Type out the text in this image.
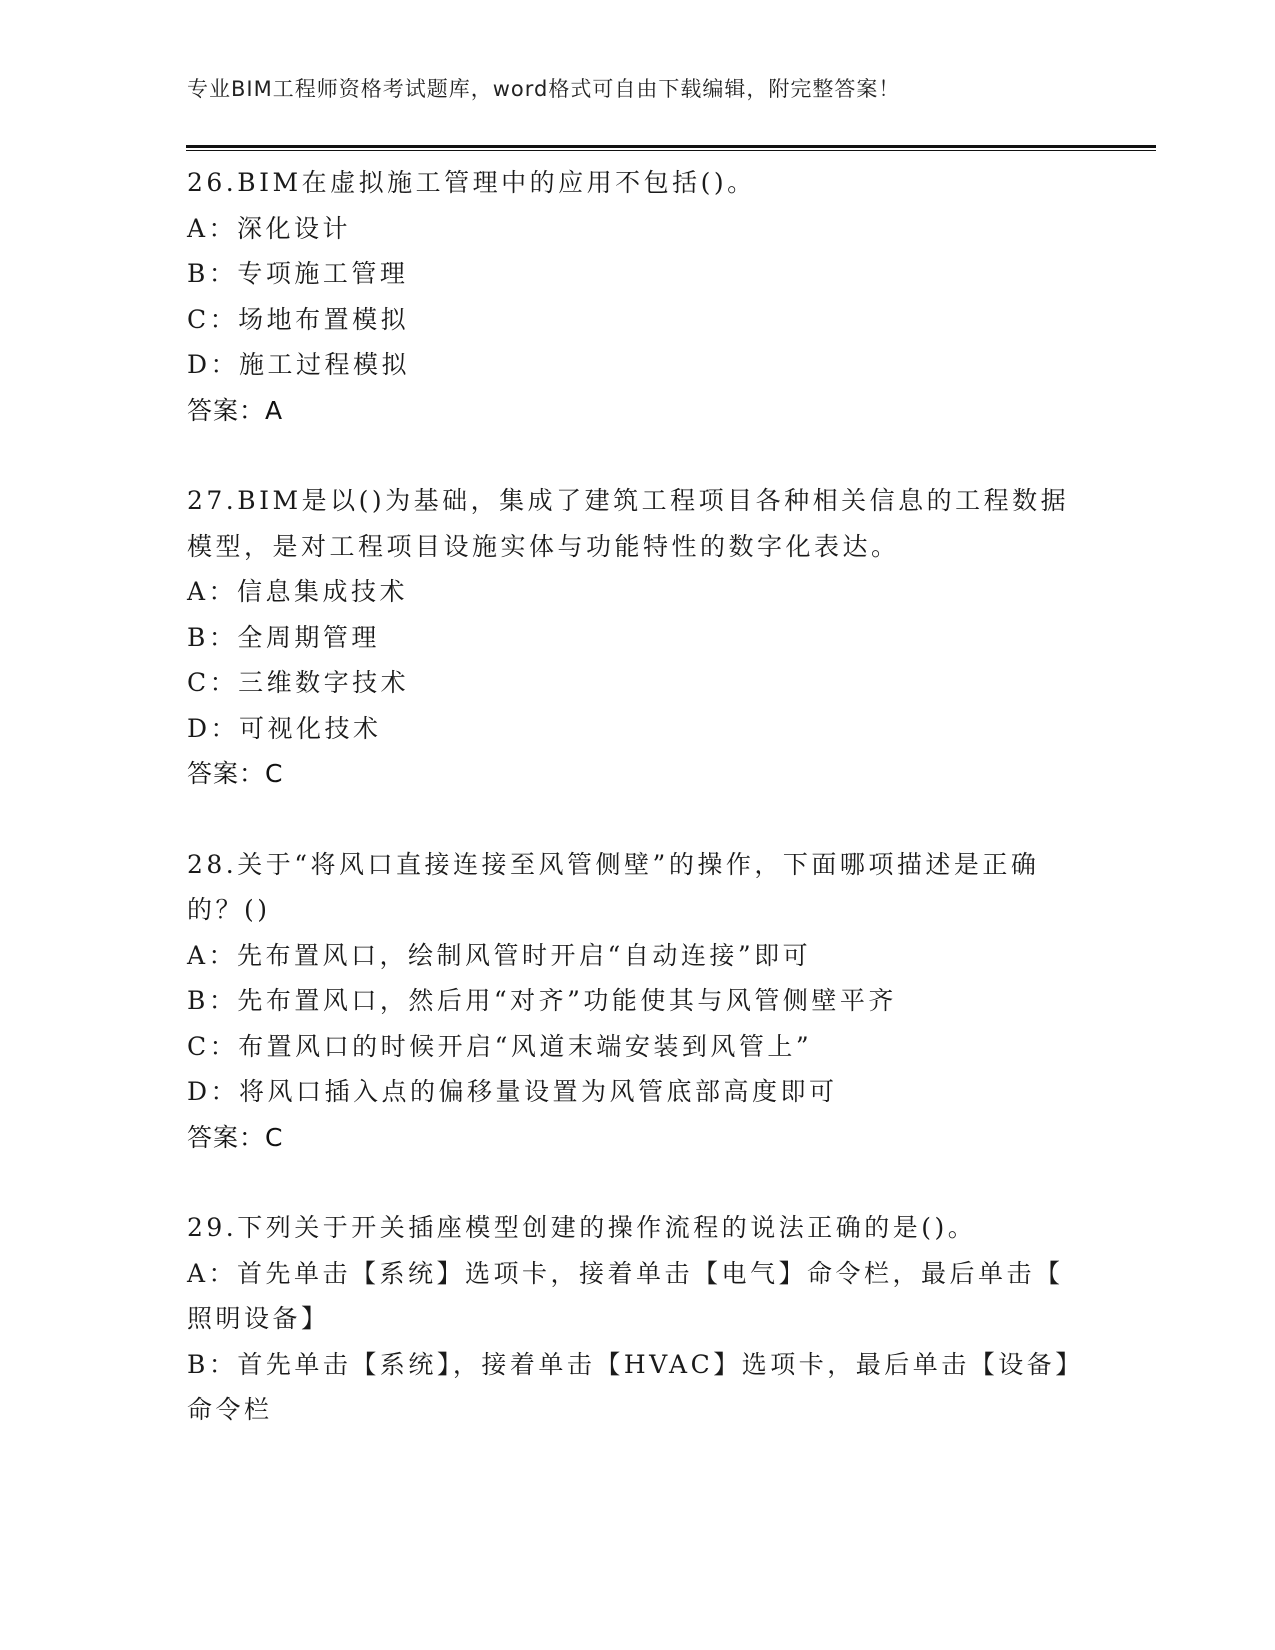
专业BIM工程师资格考试题库，word格式可自由下载编辑，附完整答案！
26.BIM在虚拟施工管理中的应用不包括()。
A：深化设计
B：专项施工管理
C：场地布置模拟
D：施工过程模拟
答案：A
27.BIM是以()为基础，集成了建筑工程项目各种相关信息的工程数据
模型，是对工程项目设施实体与功能特性的数字化表达。
A：信息集成技术
B：全周期管理
C：三维数字技术
D：可视化技术
答案：C
28.关于“将风口直接连接至风管侧壁”的操作，下面哪项描述是正确
的？()
A：先布置风口，绘制风管时开启“自动连接”即可
B：先布置风口，然后用“对齐”功能使其与风管侧壁平齐
C：布置风口的时候开启“风道末端安装到风管上”
D：将风口插入点的偏移量设置为风管底部高度即可
答案：C
29.下列关于开关插座模型创建的操作流程的说法正确的是()。
A：首先单击【系统】选项卡，接着单击【电气】命令栏，最后单击【
照明设备】
B：首先单击【系统】，接着单击【HVAC】选项卡，最后单击【设备】
命令栏
